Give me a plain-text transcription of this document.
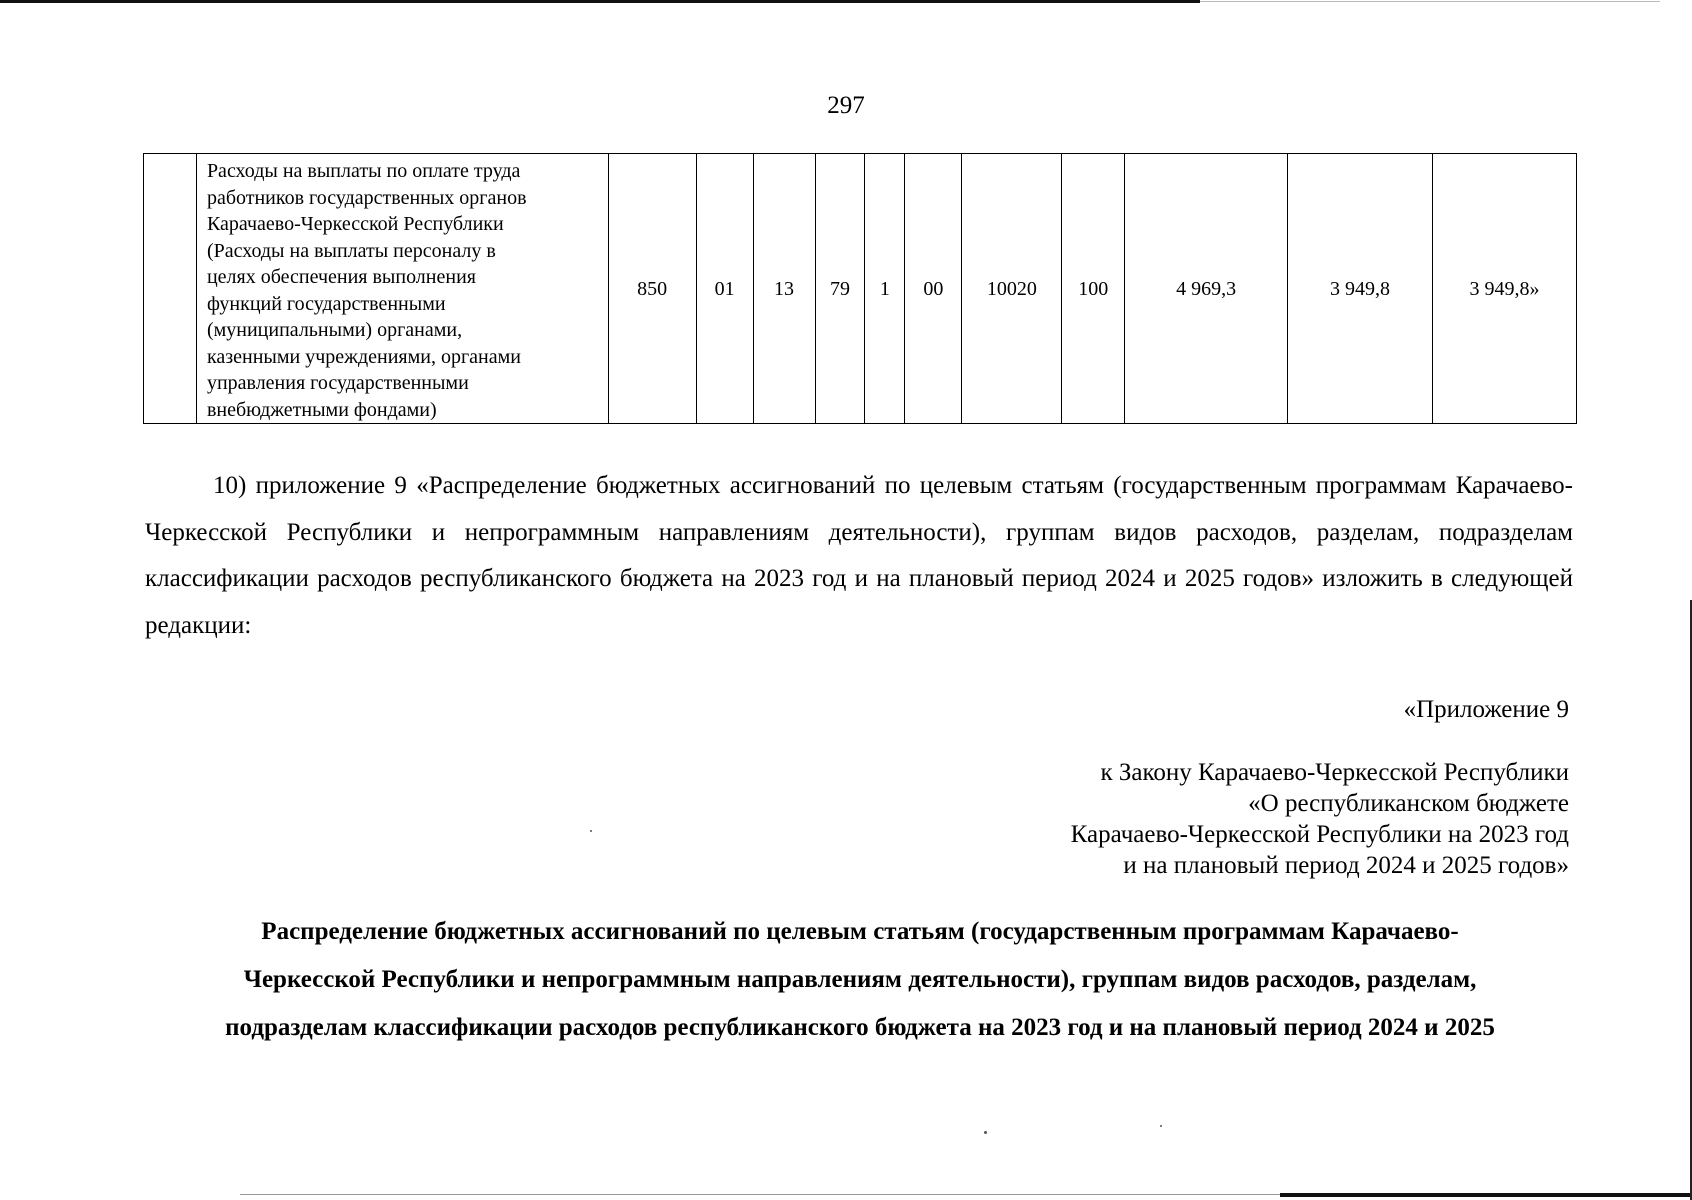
297

Расходы на выплаты по оплате труда
работников государственных органов
Карачаево-Черкесской Республики
(Расходы на выплаты персоналу в
целях обеспечения выполнения
функций государственными
(муниципальными) органами,
казенными учреждениями, органами
управления государственными
внебюджетными фондами)
	850	01	13	79	1	00	10020	100	4 969,3	3 949,8	3 949,8»
10) приложение 9 «Распределение бюджетных ассигнований по целевым статьям (государственным программам Карачаево-Черкесской Республики и непрограммным направлениям деятельности), группам видов расходов, разделам, подразделам классификации расходов республиканского бюджета на 2023 год и на плановый период 2024 и 2025 годов» изложить в следующей редакции:
«Приложение 9
к Закону Карачаево-Черкесской Республики
«О республиканском бюджете
Карачаево-Черкесской Республики на 2023 год
и на плановый период 2024 и 2025 годов»
Распределение бюджетных ассигнований по целевым статьям (государственным программам Карачаево-
Черкесской Республики и непрограммным направлениям деятельности), группам видов расходов, разделам,
подразделам классификации расходов республиканского бюджета на 2023 год и на плановый период 2024 и 2025
